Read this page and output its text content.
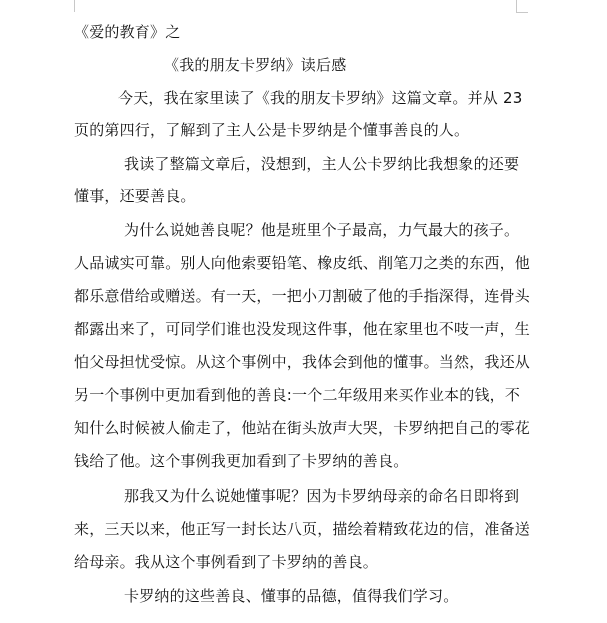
《爱的教育》之
《我的朋友卡罗纳》读后感
今天，我在家里读了《我的朋友卡罗纳》这篇文章。并从 23
页的第四行，了解到了主人公是卡罗纳是个懂事善良的人。
我读了整篇文章后，没想到，主人公卡罗纳比我想象的还要
懂事，还要善良。
为什么说她善良呢？他是班里个子最高，力气最大的孩子。
人品诚实可靠。别人向他索要铅笔、橡皮纸、削笔刀之类的东西，他
都乐意借给或赠送。有一天，一把小刀割破了他的手指深得，连骨头
都露出来了，可同学们谁也没发现这件事，他在家里也不吱一声，生
怕父母担忧受惊。从这个事例中，我体会到他的懂事。当然，我还从
另一个事例中更加看到他的善良:一个二年级用来买作业本的钱，不
知什么时候被人偷走了，他站在街头放声大哭，卡罗纳把自己的零花
钱给了他。这个事例我更加看到了卡罗纳的善良。
那我又为什么说她懂事呢？因为卡罗纳母亲的命名日即将到
来，三天以来，他正写一封长达八页，描绘着精致花边的信，准备送
给母亲。我从这个事例看到了卡罗纳的善良。
卡罗纳的这些善良、懂事的品德，值得我们学习。
